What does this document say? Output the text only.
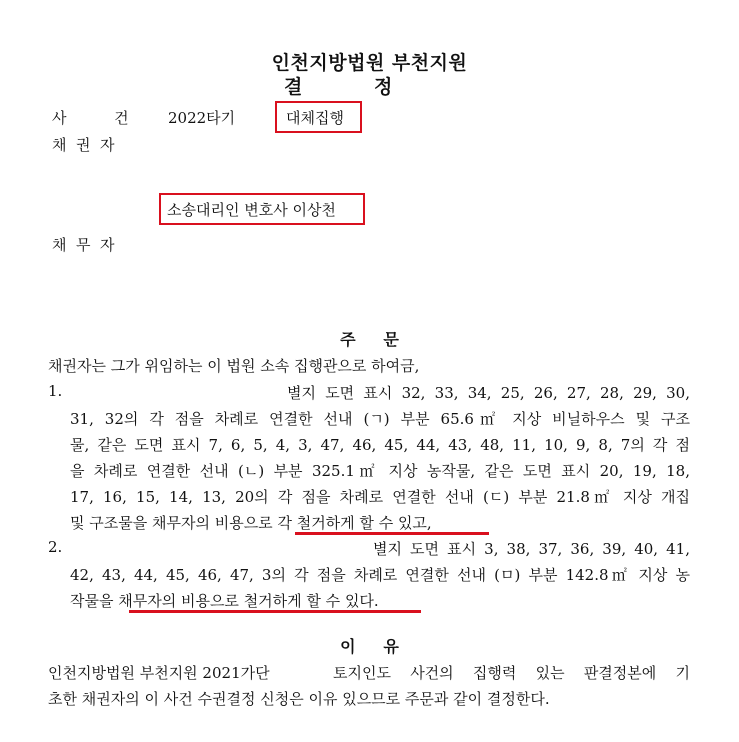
인천지방법원 부천지원
결          정
사          건	2022타기	대체집행
채  권  자
소송대리인 변호사 이상천
채  무  자
주     문
채권자는 그가 위임하는 이 법원 소속 집행관으로 하여금,
1.	별지 도면 표시 32, 33, 34, 25, 26, 27, 28, 29, 30,
31, 32의 각 점을 차례로 연결한 선내 (ㄱ) 부분 65.6㎡ 지상 비닐하우스 및 구조
물, 같은 도면 표시 7, 6, 5, 4, 3, 47, 46, 45, 44, 43, 48, 11, 10, 9, 8, 7의 각 점
을 차례로 연결한 선내 (ㄴ) 부분 325.1㎡ 지상 농작물, 같은 도면 표시 20, 19, 18,
17, 16, 15, 14, 13, 20의 각 점을 차례로 연결한 선내 (ㄷ) 부분 21.8㎡ 지상 개집
및 구조물을 채무자의 비용으로 각 철거하게 할 수 있고,
2.	별지 도면 표시 3, 38, 37, 36, 39, 40, 41,
42, 43, 44, 45, 46, 47, 3의 각 점을 차례로 연결한 선내 (ㅁ) 부분 142.8㎡ 지상 농
작물을 채무자의 비용으로 철거하게 할 수 있다.
이     유
인천지방법원 부천지원 2021가단	토지인도 사건의 집행력 있는 판결정본에 기
초한 채권자의 이 사건 수권결정 신청은 이유 있으므로 주문과 같이 결정한다.
